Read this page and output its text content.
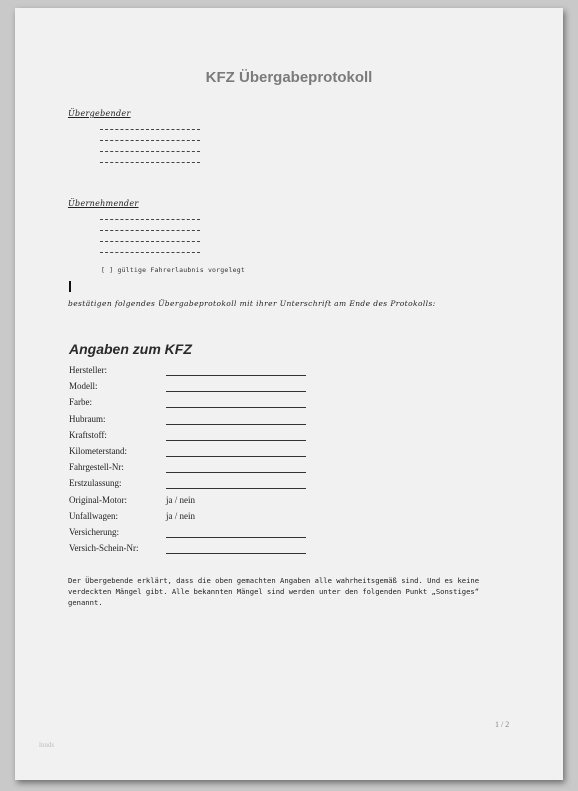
KFZ Übergabeprotokoll
Übergebender
Übernehmender
[ ] gültige Fahrerlaubnis vorgelegt
bestätigen folgendes Übergabeprotokoll mit ihrer Unterschrift am Ende des Protokolls:
Angaben zum KFZ
Hersteller:
Modell:
Farbe:
Hubraum:
Kraftstoff:
Kilometerstand:
Fahrgestell-Nr:
Erstzulassung:
Original-Motor:	ja / nein
Unfallwagen:	ja / nein
Versicherung:
Versich-Schein-Nr:
Der Übergebende erklärt, dass die oben gemachten Angaben alle wahrheitsgemäß sind. Und es keine verdeckten Mängel gibt. Alle bekannten Mängel sind werden unter den folgenden Punkt „Sonstiges“ genannt.
1 / 2
lnnds
